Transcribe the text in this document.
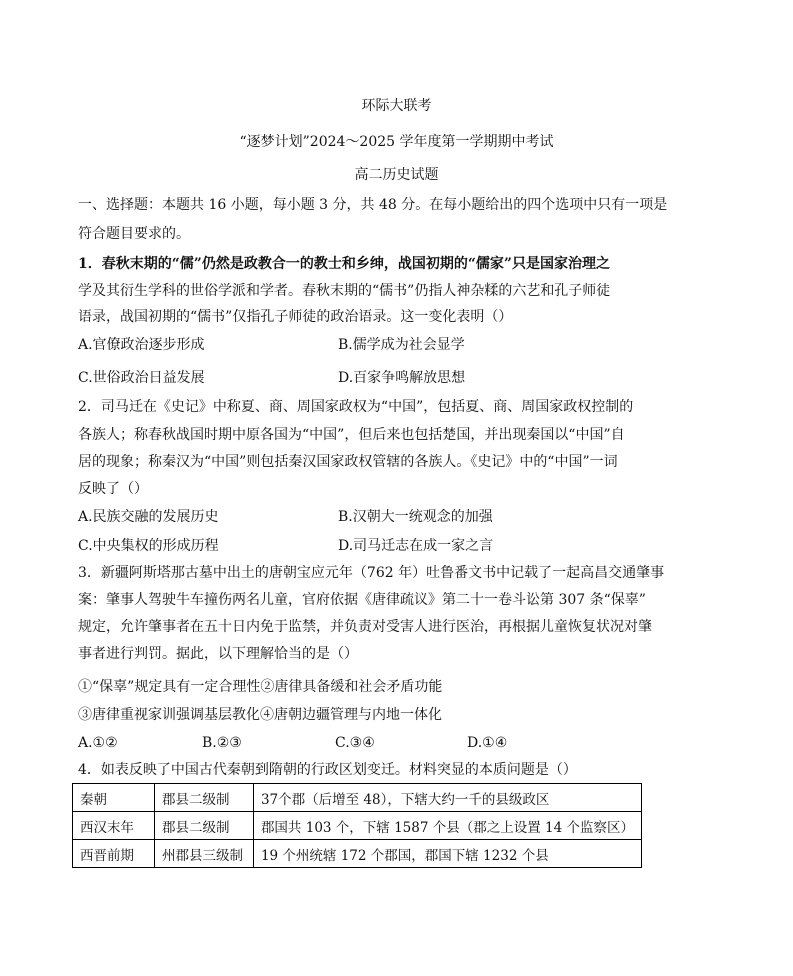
环际大联考
“逐梦计划”2024～2025 学年度第一学期期中考试
高二历史试题
一、选择题：本题共 16 小题，每小题 3 分，共 48 分。在每小题给出的四个选项中只有一项是
符合题目要求的。
1．春秋末期的“儒”仍然是政教合一的教士和乡绅，战国初期的“儒家”只是国家治理之
学及其衍生学科的世俗学派和学者。春秋末期的“儒书”仍指人神杂糅的六艺和孔子师徒
语录，战国初期的“儒书”仅指孔子师徒的政治语录。这一变化表明（）
A.官僚政治逐步形成	B.儒学成为社会显学
C.世俗政治日益发展	D.百家争鸣解放思想
2．司马迁在《史记》中称夏、商、周国家政权为“中国”，包括夏、商、周国家政权控制的
各族人；称春秋战国时期中原各国为“中国”，但后来也包括楚国，并出现秦国以“中国”自
居的现象；称秦汉为“中国”则包括秦汉国家政权管辖的各族人。《史记》中的“中国”一词
反映了（）
A.民族交融的发展历史	B.汉朝大一统观念的加强
C.中央集权的形成历程	D.司马迁志在成一家之言
3．新疆阿斯塔那古墓中出土的唐朝宝应元年（762 年）吐鲁番文书中记载了一起高昌交通肇事
案：肇事人驾驶牛车撞伤两名儿童，官府依据《唐律疏议》第二十一卷斗讼第 307 条“保辜”
规定，允许肇事者在五十日内免于监禁，并负责对受害人进行医治，再根据儿童恢复状况对肇
事者进行判罚。据此，以下理解恰当的是（）
①“保辜”规定具有一定合理性②唐律具备缓和社会矛盾功能
③唐律重视家训强调基层教化④唐朝边疆管理与内地一体化
A.①②	B.②③	C.③④	D.①④
4．如表反映了中国古代秦朝到隋朝的行政区划变迁。材料突显的本质问题是（）
秦朝	郡县二级制	37个郡（后增至 48），下辖大约一千的县级政区
西汉末年	郡县二级制	郡国共 103 个，下辖 1587 个县（郡之上设置 14 个监察区）
西晋前期	州郡县三级制	19 个州统辖 172 个郡国，郡国下辖 1232 个县
